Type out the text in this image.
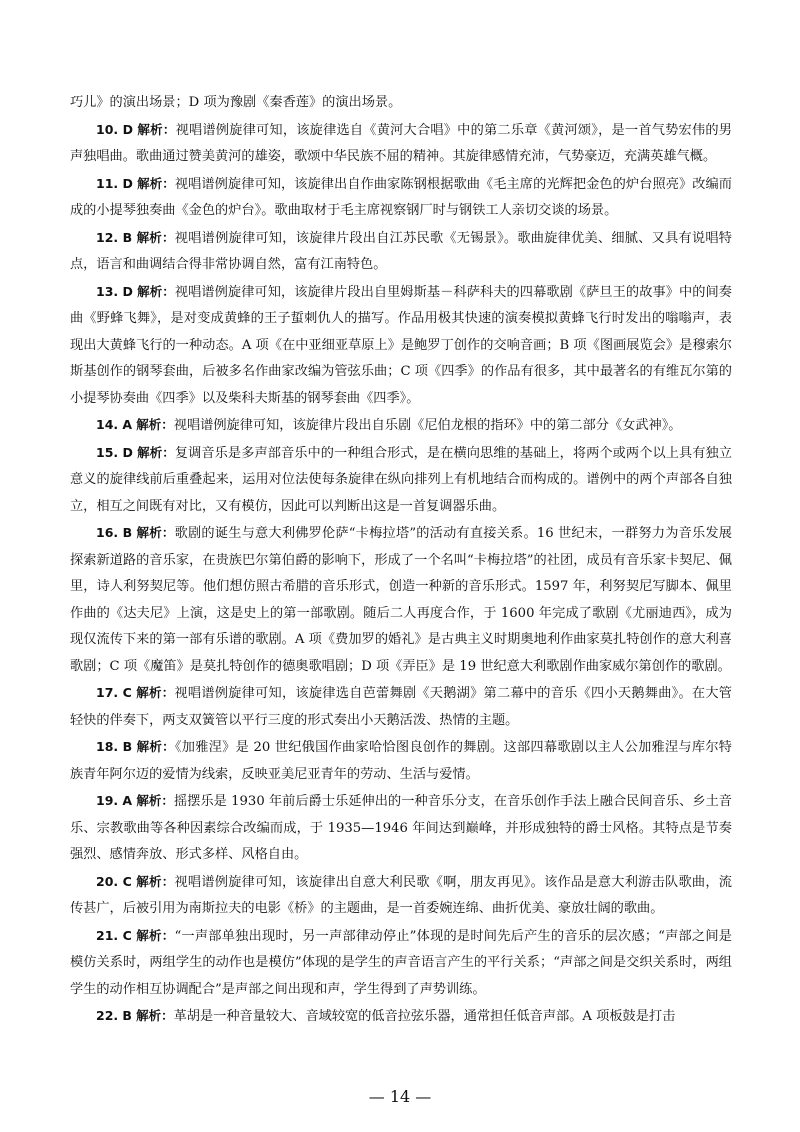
巧儿》的演出场景；D 项为豫剧《秦香莲》的演出场景。

10. D 解析：视唱谱例旋律可知，该旋律选自《黄河大合唱》中的第二乐章《黄河颂》，是一首气势宏伟的男声独唱曲。歌曲通过赞美黄河的雄姿，歌颂中华民族不屈的精神。其旋律感情充沛，气势豪迈，充满英雄气概。

11. D 解析：视唱谱例旋律可知，该旋律出自作曲家陈钢根据歌曲《毛主席的光辉把金色的炉台照亮》改编而成的小提琴独奏曲《金色的炉台》。歌曲取材于毛主席视察钢厂时与钢铁工人亲切交谈的场景。

12. B 解析：视唱谱例旋律可知，该旋律片段出自江苏民歌《无锡景》。歌曲旋律优美、细腻、又具有说唱特点，语言和曲调结合得非常协调自然，富有江南特色。

13. D 解析：视唱谱例旋律可知，该旋律片段出自里姆斯基－科萨科夫的四幕歌剧《萨旦王的故事》中的间奏曲《野蜂飞舞》，是对变成黄蜂的王子蜇刺仇人的描写。作品用极其快速的演奏模拟黄蜂飞行时发出的嗡嗡声，表现出大黄蜂飞行的一种动态。A 项《在中亚细亚草原上》是鲍罗丁创作的交响音画；B 项《图画展览会》是穆索尔斯基创作的钢琴套曲，后被多名作曲家改编为管弦乐曲；C 项《四季》的作品有很多，其中最著名的有维瓦尔第的小提琴协奏曲《四季》以及柴科夫斯基的钢琴套曲《四季》。

14. A 解析：视唱谱例旋律可知，该旋律片段出自乐剧《尼伯龙根的指环》中的第二部分《女武神》。

15. D 解析：复调音乐是多声部音乐中的一种组合形式，是在横向思维的基础上，将两个或两个以上具有独立意义的旋律线前后重叠起来，运用对位法使每条旋律在纵向排列上有机地结合而构成的。谱例中的两个声部各自独立，相互之间既有对比，又有模仿，因此可以判断出这是一首复调器乐曲。

16. B 解析：歌剧的诞生与意大利佛罗伦萨“卡梅拉塔”的活动有直接关系。16 世纪末，一群努力为音乐发展探索新道路的音乐家，在贵族巴尔第伯爵的影响下，形成了一个名叫“卡梅拉塔”的社团，成员有音乐家卡契尼、佩里，诗人利努契尼等。他们想仿照古希腊的音乐形式，创造一种新的音乐形式。1597 年，利努契尼写脚本、佩里作曲的《达夫尼》上演，这是史上的第一部歌剧。随后二人再度合作，于 1600 年完成了歌剧《尤丽迪西》，成为现仅流传下来的第一部有乐谱的歌剧。A 项《费加罗的婚礼》是古典主义时期奥地利作曲家莫扎特创作的意大利喜歌剧；C 项《魔笛》是莫扎特创作的德奥歌唱剧；D 项《弄臣》是 19 世纪意大利歌剧作曲家威尔第创作的歌剧。

17. C 解析：视唱谱例旋律可知，该旋律选自芭蕾舞剧《天鹅湖》第二幕中的音乐《四小天鹅舞曲》。在大管轻快的伴奏下，两支双簧管以平行三度的形式奏出小天鹅活泼、热情的主题。

18. B 解析：《加雅涅》是 20 世纪俄国作曲家哈恰图良创作的舞剧。这部四幕歌剧以主人公加雅涅与库尔特族青年阿尔迈的爱情为线索，反映亚美尼亚青年的劳动、生活与爱情。

19. A 解析：摇摆乐是 1930 年前后爵士乐延伸出的一种音乐分支，在音乐创作手法上融合民间音乐、乡土音乐、宗教歌曲等各种因素综合改编而成，于 1935—1946 年间达到巅峰，并形成独特的爵士风格。其特点是节奏强烈、感情奔放、形式多样、风格自由。

20. C 解析：视唱谱例旋律可知，该旋律出自意大利民歌《啊，朋友再见》。该作品是意大利游击队歌曲，流传甚广，后被引用为南斯拉夫的电影《桥》的主题曲，是一首委婉连绵、曲折优美、豪放壮阔的歌曲。

21. C 解析：“一声部单独出现时，另一声部律动停止”体现的是时间先后产生的音乐的层次感；“声部之间是模仿关系时，两组学生的动作也是模仿”体现的是学生的声音语言产生的平行关系；“声部之间是交织关系时，两组学生的动作相互协调配合”是声部之间出现和声，学生得到了声势训练。

22. B 解析：革胡是一种音量较大、音域较宽的低音拉弦乐器，通常担任低音声部。A 项板鼓是打击

— 14 —
